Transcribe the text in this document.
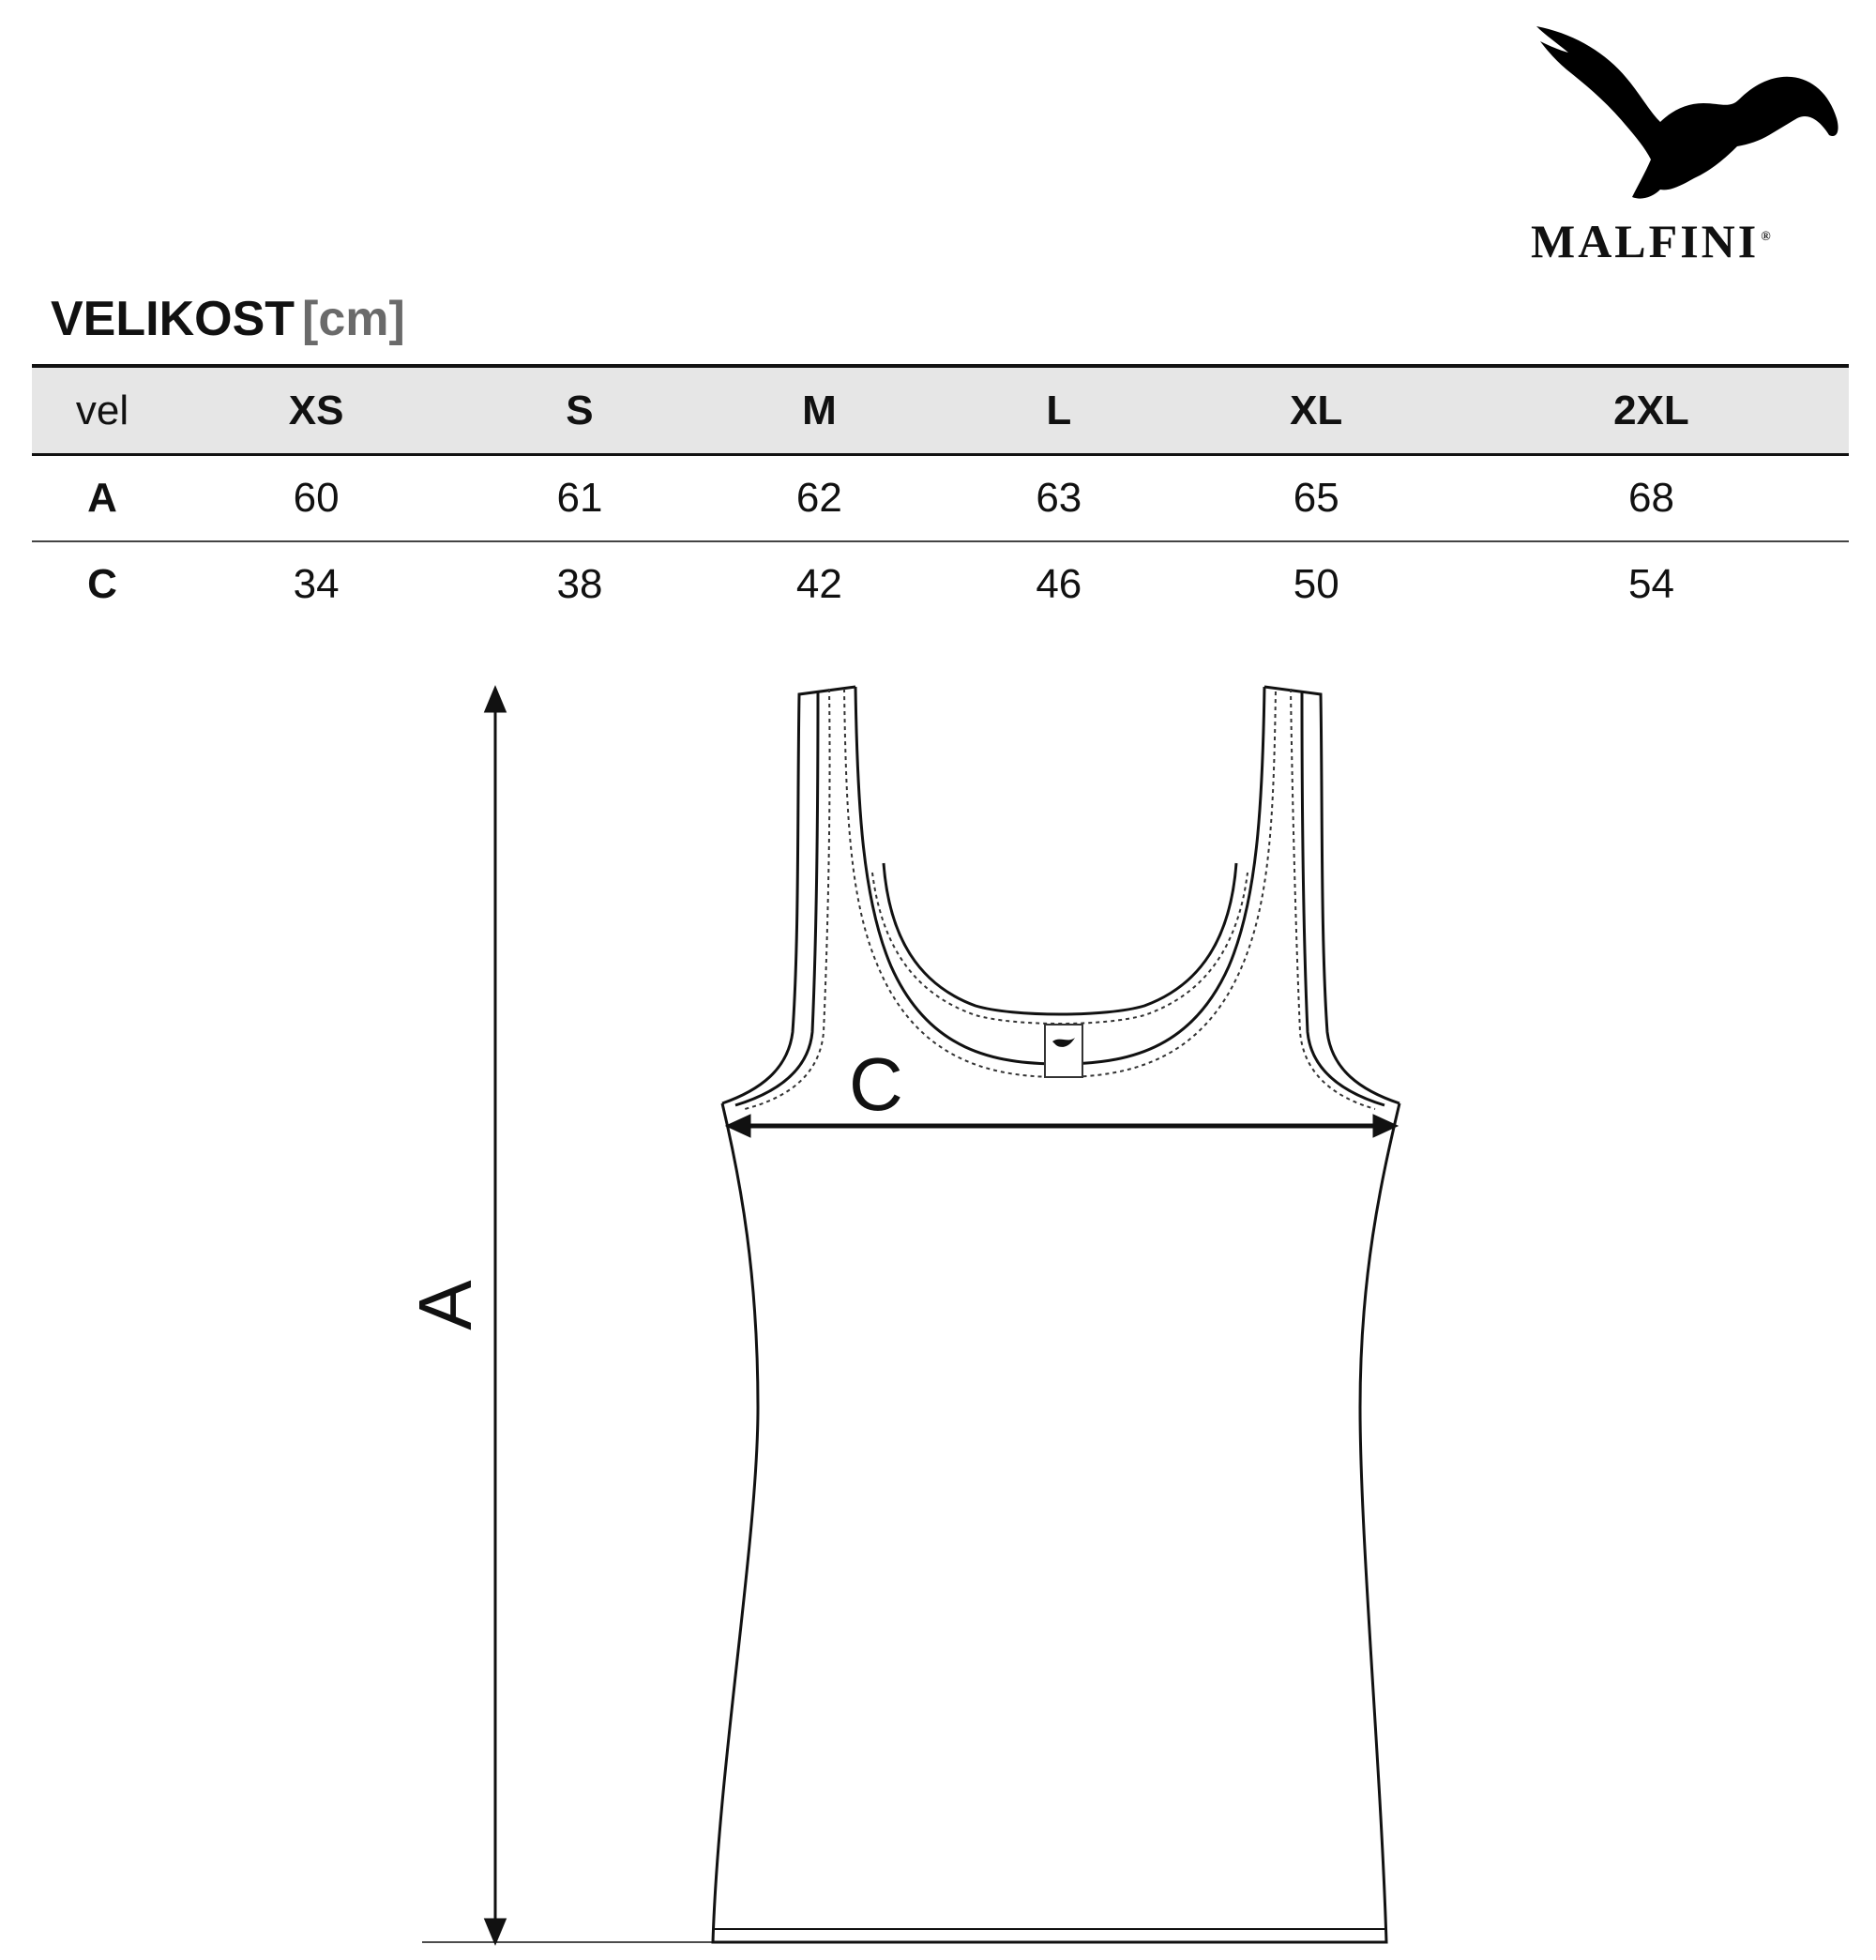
MALFINI ®
VELIKOST [cm]
vel	XS	S	M	L	XL	2XL
A	60	61	62	63	65	68
C	34	38	42	46	50	54
A
C
